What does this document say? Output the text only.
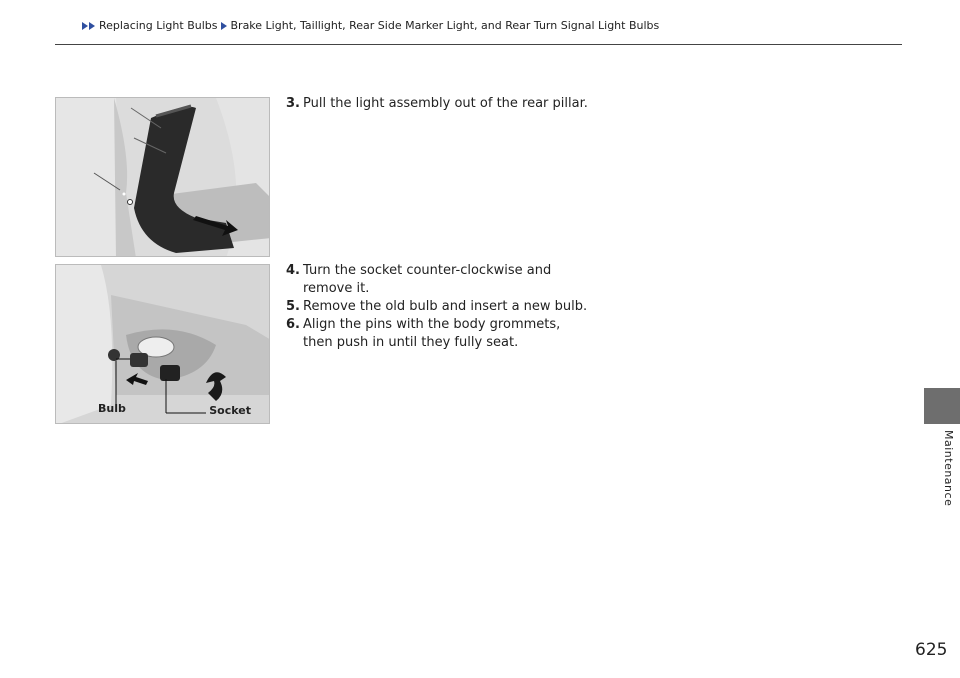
Replacing Light Bulbs Brake Light, Taillight, Rear Side Marker Light, and Rear Turn Signal Light Bulbs
3. Pull the light assembly out of the rear pillar.
Bulb	Socket
4. Turn the socket counter-clockwise and remove it.
5. Remove the old bulb and insert a new bulb.
6. Align the pins with the body grommets, then push in until they fully seat.
Maintenance
625
